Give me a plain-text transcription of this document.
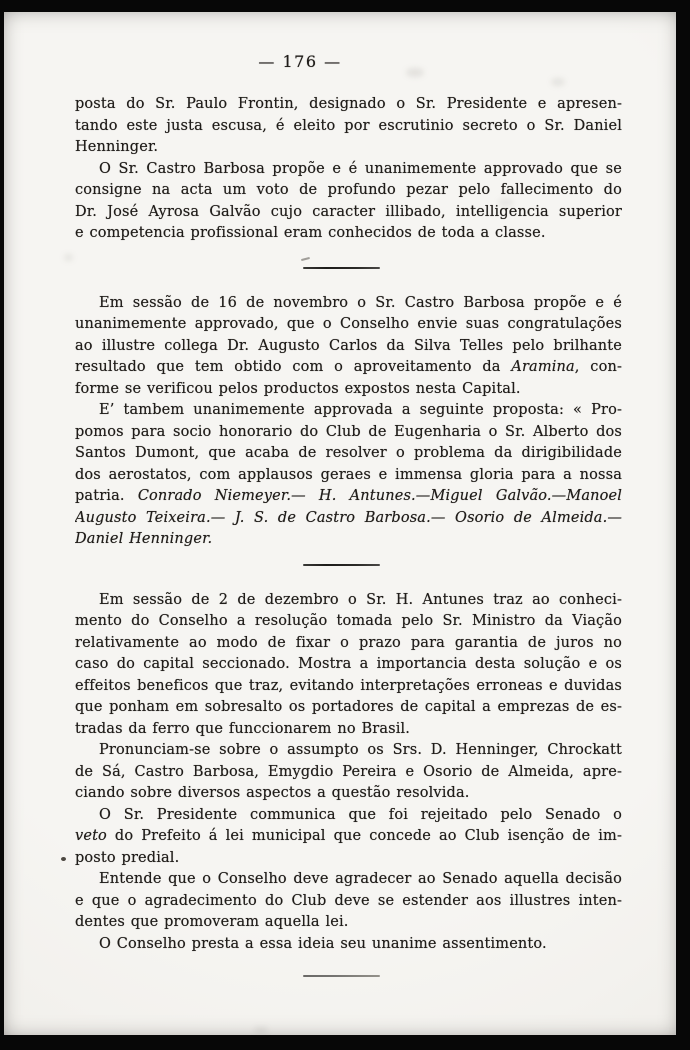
— 176 —
posta do Sr. Paulo Frontin, designado o Sr. Presidente e apresen-
tando este justa escusa, é eleito por escrutinio secreto o Sr. Daniel
Henninger.
O Sr. Castro Barbosa propõe e é unanimemente approvado que se
consigne na acta um voto de profundo pezar pelo fallecimento do
Dr. José Ayrosa Galvão cujo caracter illibado, intelligencia superior
e competencia profissional eram conhecidos de toda a classe.
Em sessão de 16 de novembro o Sr. Castro Barbosa propõe e é
unanimemente approvado, que o Conselho envie suas congratulações
ao illustre collega Dr. Augusto Carlos da Silva Telles pelo brilhante
resultado que tem obtido com o aproveitamento da Aramina, con-
forme se verificou pelos productos expostos nesta Capital.
E’ tambem unanimemente approvada a seguinte proposta: « Pro-
pomos para socio honorario do Club de Eugenharia o Sr. Alberto dos
Santos Dumont, que acaba de resolver o problema da dirigibilidade
dos aerostatos, com applausos geraes e immensa gloria para a nossa
patria. Conrado Niemeyer.— H. Antunes.—Miguel Galvão.—Manoel
Augusto Teixeira.— J. S. de Castro Barbosa.— Osorio de Almeida.—
Daniel Henninger.
Em sessão de 2 de dezembro o Sr. H. Antunes traz ao conheci-
mento do Conselho a resolução tomada pelo Sr. Ministro da Viação
relativamente ao modo de fixar o prazo para garantia de juros no
caso do capital seccionado. Mostra a importancia desta solução e os
effeitos beneficos que traz, evitando interpretações erroneas e duvidas
que ponham em sobresalto os portadores de capital a emprezas de es-
tradas da ferro que funccionarem no Brasil.
Pronunciam-se sobre o assumpto os Srs. D. Henninger, Chrockatt
de Sá, Castro Barbosa, Emygdio Pereira e Osorio de Almeida, apre-
ciando sobre diversos aspectos a questão resolvida.
O Sr. Presidente communica que foi rejeitado pelo Senado o
veto do Prefeito á lei municipal que concede ao Club isenção de im-
posto predial.
Entende que o Conselho deve agradecer ao Senado aquella decisão
e que o agradecimento do Club deve se estender aos illustres inten-
dentes que promoveram aquella lei.
O Conselho presta a essa ideia seu unanime assentimento.
